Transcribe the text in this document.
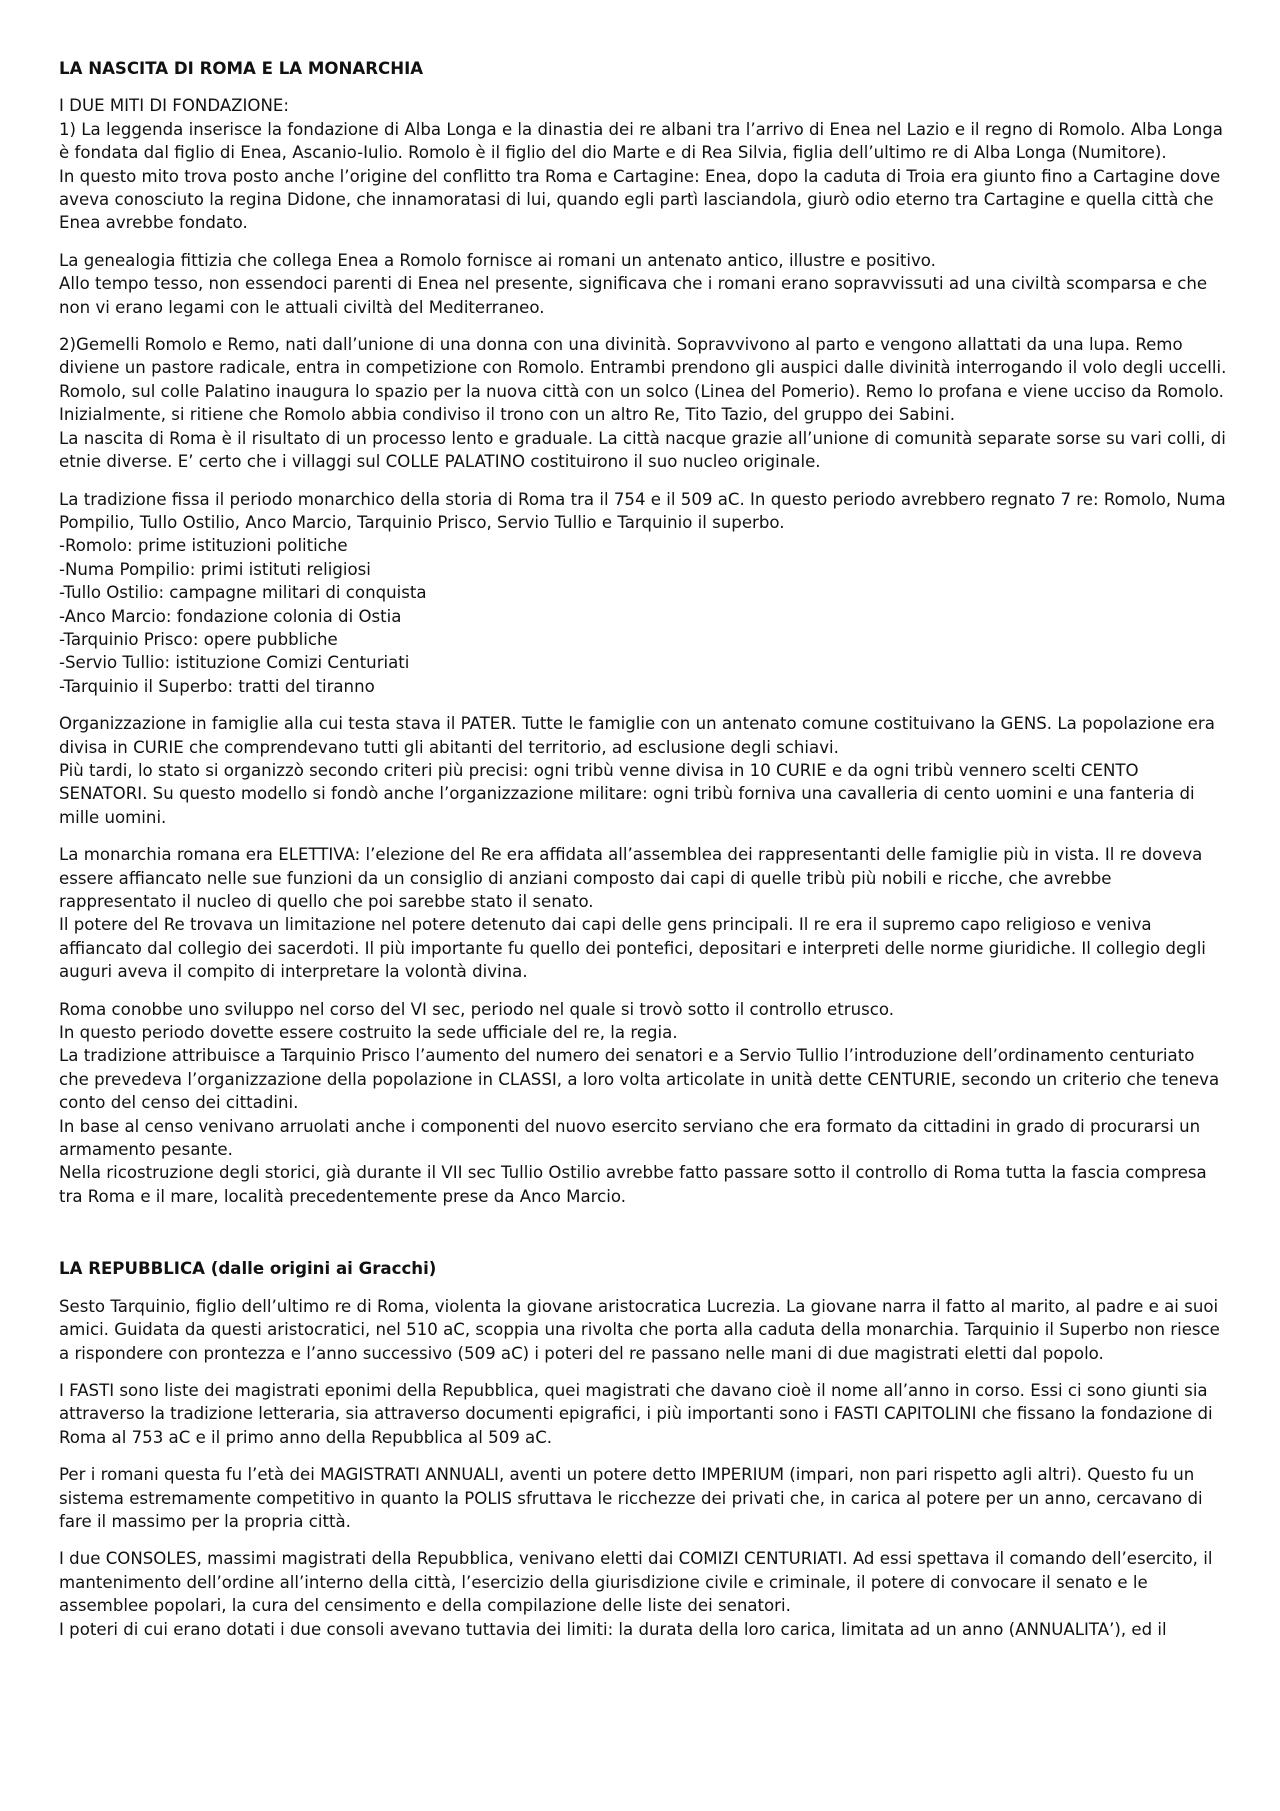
LA NASCITA DI ROMA E LA MONARCHIA

I DUE MITI DI FONDAZIONE:
1) La leggenda inserisce la fondazione di Alba Longa e la dinastia dei re albani tra l’arrivo di Enea nel Lazio e il regno di Romolo. Alba Longa è fondata dal figlio di Enea, Ascanio-Iulio. Romolo è il figlio del dio Marte e di Rea Silvia, figlia dell’ultimo re di Alba Longa (Numitore).
In questo mito trova posto anche l’origine del conflitto tra Roma e Cartagine: Enea, dopo la caduta di Troia era giunto fino a Cartagine dove aveva conosciuto la regina Didone, che innamoratasi di lui, quando egli partì lasciandola, giurò odio eterno tra Cartagine e quella città che Enea avrebbe fondato.
La genealogia fittizia che collega Enea a Romolo fornisce ai romani un antenato antico, illustre e positivo.
Allo tempo tesso, non essendoci parenti di Enea nel presente, significava che i romani erano sopravvissuti ad una civiltà scomparsa e che non vi erano legami con le attuali civiltà del Mediterraneo.
2)Gemelli Romolo e Remo, nati dall’unione di una donna con una divinità. Sopravvivono al parto e vengono allattati da una lupa. Remo diviene un pastore radicale, entra in competizione con Romolo. Entrambi prendono gli auspici dalle divinità interrogando il volo degli uccelli. Romolo, sul colle Palatino inaugura lo spazio per la nuova città con un solco (Linea del Pomerio). Remo lo profana e viene ucciso da Romolo.
Inizialmente, si ritiene che Romolo abbia condiviso il trono con un altro Re, Tito Tazio, del gruppo dei Sabini.
La nascita di Roma è il risultato di un processo lento e graduale. La città nacque grazie all’unione di comunità separate sorse su vari colli, di etnie diverse. E’ certo che i villaggi sul COLLE PALATINO costituirono il suo nucleo originale.
La tradizione fissa il periodo monarchico della storia di Roma tra il 754 e il 509 aC. In questo periodo avrebbero regnato 7 re: Romolo, Numa Pompilio, Tullo Ostilio, Anco Marcio, Tarquinio Prisco, Servio Tullio e Tarquinio il superbo.
-Romolo: prime istituzioni politiche
-Numa Pompilio: primi istituti religiosi
-Tullo Ostilio: campagne militari di conquista
-Anco Marcio: fondazione colonia di Ostia
-Tarquinio Prisco: opere pubbliche
-Servio Tullio: istituzione Comizi Centuriati
-Tarquinio il Superbo: tratti del tiranno
Organizzazione in famiglie alla cui testa stava il PATER. Tutte le famiglie con un antenato comune costituivano la GENS. La popolazione era divisa in CURIE che comprendevano tutti gli abitanti del territorio, ad esclusione degli schiavi.
Più tardi, lo stato si organizzò secondo criteri più precisi: ogni tribù venne divisa in 10 CURIE e da ogni tribù vennero scelti CENTO SENATORI. Su questo modello si fondò anche l’organizzazione militare: ogni tribù forniva una cavalleria di cento uomini e una fanteria di mille uomini.
La monarchia romana era ELETTIVA: l’elezione del Re era affidata all’assemblea dei rappresentanti delle famiglie più in vista. Il re doveva essere affiancato nelle sue funzioni da un consiglio di anziani composto dai capi di quelle tribù più nobili e ricche, che avrebbe rappresentato il nucleo di quello che poi sarebbe stato il senato.
Il potere del Re trovava un limitazione nel potere detenuto dai capi delle gens principali. Il re era il supremo capo religioso e veniva affiancato dal collegio dei sacerdoti. Il più importante fu quello dei pontefici, depositari e interpreti delle norme giuridiche. Il collegio degli auguri aveva il compito di interpretare la volontà divina.
Roma conobbe uno sviluppo nel corso del VI sec, periodo nel quale si trovò sotto il controllo etrusco.
In questo periodo dovette essere costruito la sede ufficiale del re, la regia.
La tradizione attribuisce a Tarquinio Prisco l’aumento del numero dei senatori e a Servio Tullio l’introduzione dell’ordinamento centuriato che prevedeva l’organizzazione della popolazione in CLASSI, a loro volta articolate in unità dette CENTURIE, secondo un criterio che teneva conto del censo dei cittadini.
In base al censo venivano arruolati anche i componenti del nuovo esercito serviano che era formato da cittadini in grado di procurarsi un armamento pesante.
Nella ricostruzione degli storici, già durante il VII sec Tullio Ostilio avrebbe fatto passare sotto il controllo di Roma tutta la fascia compresa tra Roma e il mare, località precedentemente prese da Anco Marcio.

LA REPUBBLICA (dalle origini ai Gracchi)

Sesto Tarquinio, figlio dell’ultimo re di Roma, violenta la giovane aristocratica Lucrezia. La giovane narra il fatto al marito, al padre e ai suoi amici. Guidata da questi aristocratici, nel 510 aC, scoppia una rivolta che porta alla caduta della monarchia. Tarquinio il Superbo non riesce a rispondere con prontezza e l’anno successivo (509 aC) i poteri del re passano nelle mani di due magistrati eletti dal popolo.
I FASTI sono liste dei magistrati eponimi della Repubblica, quei magistrati che davano cioè il nome all’anno in corso. Essi ci sono giunti sia attraverso la tradizione letteraria, sia attraverso documenti epigrafici, i più importanti sono i FASTI CAPITOLINI che fissano la fondazione di Roma al 753 aC e il primo anno della Repubblica al 509 aC.
Per i romani questa fu l’età dei MAGISTRATI ANNUALI, aventi un potere detto IMPERIUM (impari, non pari rispetto agli altri). Questo fu un sistema estremamente competitivo in quanto la POLIS sfruttava le ricchezze dei privati che, in carica al potere per un anno, cercavano di fare il massimo per la propria città.
I due CONSOLES, massimi magistrati della Repubblica, venivano eletti dai COMIZI CENTURIATI. Ad essi spettava il comando dell’esercito, il mantenimento dell’ordine all’interno della città, l’esercizio della giurisdizione civile e criminale, il potere di convocare il senato e le assemblee popolari, la cura del censimento e della compilazione delle liste dei senatori.
I poteri di cui erano dotati i due consoli avevano tuttavia dei limiti: la durata della loro carica, limitata ad un anno (ANNUALITA’), ed il
